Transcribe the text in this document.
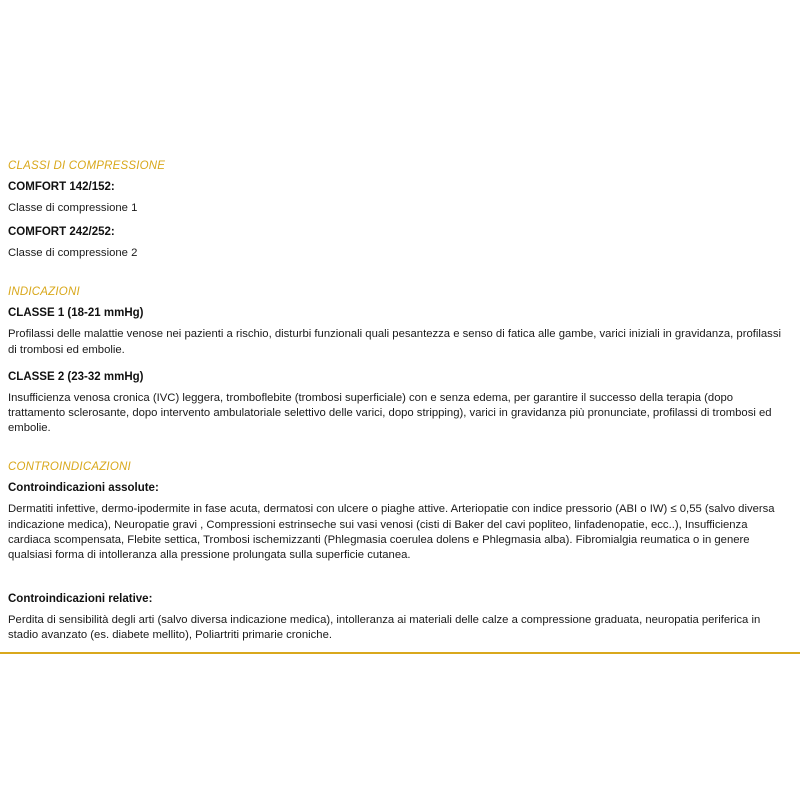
CLASSI DI COMPRESSIONE
COMFORT 142/152:
Classe di compressione 1
COMFORT 242/252:
Classe di compressione 2
INDICAZIONI
CLASSE 1 (18-21 mmHg)
Profilassi delle malattie venose nei pazienti a rischio, disturbi funzionali quali pesantezza e senso di fatica alle gambe, varici iniziali in gravidanza, profilassi di trombosi ed embolie.
CLASSE 2 (23-32 mmHg)
Insufficienza venosa cronica (IVC) leggera, tromboflebite (trombosi superficiale) con e senza edema, per garantire il successo della terapia (dopo trattamento sclerosante, dopo intervento ambulatoriale selettivo delle varici, dopo stripping), varici in gravidanza più pronunciate, profilassi di trombosi ed embolie.
CONTROINDICAZIONI
Controindicazioni assolute:
Dermatiti infettive, dermo-ipodermite in fase acuta, dermatosi con ulcere o piaghe attive. Arteriopatie con indice pressorio (ABI o IW) ≤ 0,55 (salvo diversa indicazione medica), Neuropatie gravi , Compressioni estrinseche sui vasi venosi (cisti di Baker del cavi popliteo, linfadenopatie, ecc..), Insufficienza cardiaca scompensata, Flebite settica, Trombosi ischemizzanti (Phlegmasia coerulea dolens e Phlegmasia alba). Fibromialgia reumatica o in genere qualsiasi forma di intolleranza alla pressione prolungata sulla superficie cutanea.
Controindicazioni relative:
Perdita di sensibilità degli arti (salvo diversa indicazione medica), intolleranza ai materiali delle calze a compressione graduata, neuropatia periferica in stadio avanzato (es. diabete mellito), Poliartriti primarie croniche.
